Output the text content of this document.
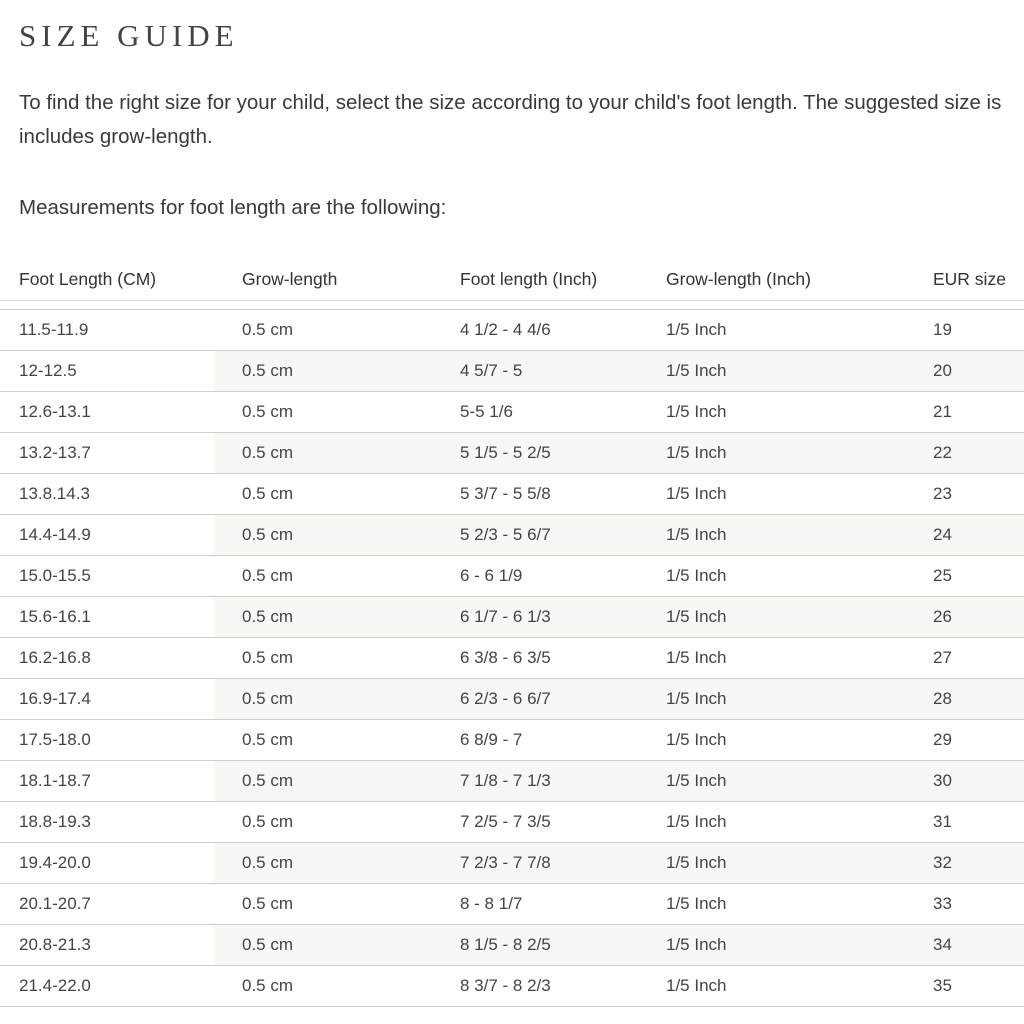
SIZE GUIDE

To find the right size for your child, select the size according to your child's foot length. The suggested size is includes grow-length.

Measurements for foot length are the following:

Foot Length (CM)	Grow-length	Foot length (Inch)	Grow-length (Inch)	EUR size
11.5-11.9	0.5 cm	4 1/2 - 4 4/6	1/5 Inch	19
12-12.5	0.5 cm	4 5/7 - 5	1/5 Inch	20
12.6-13.1	0.5 cm	5-5 1/6	1/5 Inch	21
13.2-13.7	0.5 cm	5 1/5 - 5 2/5	1/5 Inch	22
13.8.14.3	0.5 cm	5 3/7 - 5 5/8	1/5 Inch	23
14.4-14.9	0.5 cm	5 2/3 - 5 6/7	1/5 Inch	24
15.0-15.5	0.5 cm	6 - 6 1/9	1/5 Inch	25
15.6-16.1	0.5 cm	6 1/7 - 6 1/3	1/5 Inch	26
16.2-16.8	0.5 cm	6 3/8 - 6 3/5	1/5 Inch	27
16.9-17.4	0.5 cm	6 2/3 - 6 6/7	1/5 Inch	28
17.5-18.0	0.5 cm	6 8/9 - 7	1/5 Inch	29
18.1-18.7	0.5 cm	7 1/8 - 7 1/3	1/5 Inch	30
18.8-19.3	0.5 cm	7 2/5 - 7 3/5	1/5 Inch	31
19.4-20.0	0.5 cm	7 2/3 - 7 7/8	1/5 Inch	32
20.1-20.7	0.5 cm	8 - 8 1/7	1/5 Inch	33
20.8-21.3	0.5 cm	8 1/5 - 8 2/5	1/5 Inch	34
21.4-22.0	0.5 cm	8 3/7 - 8 2/3	1/5 Inch	35
